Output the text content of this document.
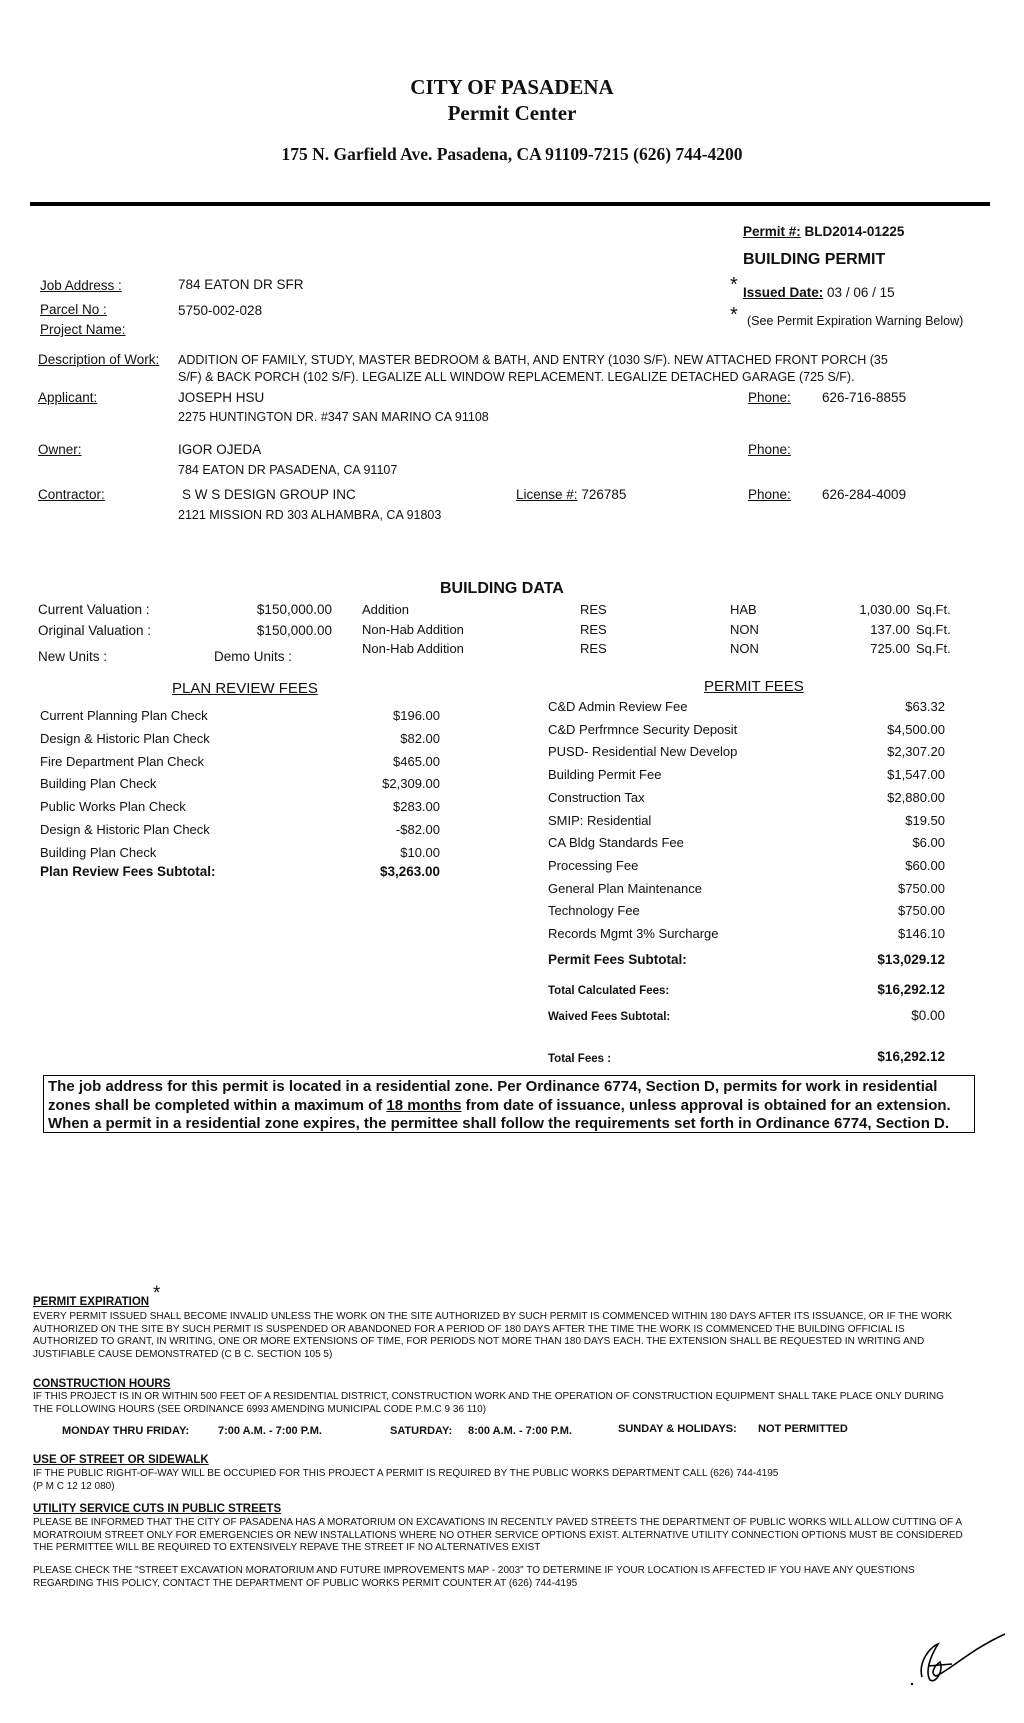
CITY OF PASADENA
Permit Center
175 N. Garfield Ave. Pasadena, CA 91109-7215 (626) 744-4200
Permit #: BLD2014-01225
BUILDING PERMIT
* Issued Date: 03 / 06 / 15
* (See Permit Expiration Warning Below)
Job Address :	784 EATON DR SFR
Parcel No :	5750-002-028
Project Name:
Description of Work: ADDITION OF FAMILY, STUDY, MASTER BEDROOM & BATH, AND ENTRY (1030 S/F). NEW ATTACHED FRONT PORCH (35
S/F) & BACK PORCH (102 S/F). LEGALIZE ALL WINDOW REPLACEMENT. LEGALIZE DETACHED GARAGE (725 S/F).
Applicant:	JOSEPH HSU
2275 HUNTINGTON DR. #347 SAN MARINO CA 91108
Phone: 626-716-8855
Owner:	IGOR OJEDA
784 EATON DR PASADENA, CA 91107
Phone:
Contractor:	S W S DESIGN GROUP INC
2121 MISSION RD 303 ALHAMBRA, CA 91803
License #: 726785	Phone: 626-284-4009
BUILDING DATA
Current Valuation :	$150,000.00
Original Valuation :	$150,000.00
New Units :	Demo Units :
Addition	RES	HAB	1,030.00 Sq.Ft.
Non-Hab Addition	RES	NON	137.00 Sq.Ft.
Non-Hab Addition	RES	NON	725.00 Sq.Ft.
PLAN REVIEW FEES
Current Planning Plan Check	$196.00
Design & Historic Plan Check	$82.00
Fire Department Plan Check	$465.00
Building Plan Check	$2,309.00
Public Works Plan Check	$283.00
Design & Historic Plan Check	-$82.00
Building Plan Check	$10.00
Plan Review Fees Subtotal:	$3,263.00
PERMIT FEES
C&D Admin Review Fee	$63.32
C&D Perfrmnce Security Deposit	$4,500.00
PUSD- Residential New Develop	$2,307.20
Building Permit Fee	$1,547.00
Construction Tax	$2,880.00
SMIP: Residential	$19.50
CA Bldg Standards Fee	$6.00
Processing Fee	$60.00
General Plan Maintenance	$750.00
Technology Fee	$750.00
Records Mgmt 3% Surcharge	$146.10
Permit Fees Subtotal:	$13,029.12
Total Calculated Fees:	$16,292.12
Waived Fees Subtotal:	$0.00
Total Fees :	$16,292.12
The job address for this permit is located in a residential zone. Per Ordinance 6774, Section D, permits for work in residential zones shall be completed within a maximum of 18 months from date of issuance, unless approval is obtained for an extension. When a permit in a residential zone expires, the permittee shall follow the requirements set forth in Ordinance 6774, Section D.
PERMIT EXPIRATION *
EVERY PERMIT ISSUED SHALL BECOME INVALID UNLESS THE WORK ON THE SITE AUTHORIZED BY SUCH PERMIT IS COMMENCED WITHIN 180 DAYS AFTER ITS ISSUANCE, OR IF THE WORK AUTHORIZED ON THE SITE BY SUCH PERMIT IS SUSPENDED OR ABANDONED FOR A PERIOD OF 180 DAYS AFTER THE TIME THE WORK IS COMMENCED THE BUILDING OFFICIAL IS AUTHORIZED TO GRANT, IN WRITING, ONE OR MORE EXTENSIONS OF TIME, FOR PERIODS NOT MORE THAN 180 DAYS EACH. THE EXTENSION SHALL BE REQUESTED IN WRITING AND JUSTIFIABLE CAUSE DEMONSTRATED (C B C. SECTION 105 5)
CONSTRUCTION HOURS
IF THIS PROJECT IS IN OR WITHIN 500 FEET OF A RESIDENTIAL DISTRICT, CONSTRUCTION WORK AND THE OPERATION OF CONSTRUCTION EQUIPMENT SHALL TAKE PLACE ONLY DURING THE FOLLOWING HOURS (SEE ORDINANCE 6993 AMENDING MUNICIPAL CODE P.M.C 9 36 110)
MONDAY THRU FRIDAY:	7:00 A.M. - 7:00 P.M.	SATURDAY: 8:00 A.M. - 7:00 P.M.	SUNDAY & HOLIDAYS: NOT PERMITTED
USE OF STREET OR SIDEWALK
IF THE PUBLIC RIGHT-OF-WAY WILL BE OCCUPIED FOR THIS PROJECT A PERMIT IS REQUIRED BY THE PUBLIC WORKS DEPARTMENT CALL (626) 744-4195
(P M C 12 12 080)
UTILITY SERVICE CUTS IN PUBLIC STREETS
PLEASE BE INFORMED THAT THE CITY OF PASADENA HAS A MORATORIUM ON EXCAVATIONS IN RECENTLY PAVED STREETS THE DEPARTMENT OF PUBLIC WORKS WILL ALLOW CUTTING OF A MORATROIUM STREET ONLY FOR EMERGENCIES OR NEW INSTALLATIONS WHERE NO OTHER SERVICE OPTIONS EXIST. ALTERNATIVE UTILITY CONNECTION OPTIONS MUST BE CONSIDERED THE PERMITTEE WILL BE REQUIRED TO EXTENSIVELY REPAVE THE STREET IF NO ALTERNATIVES EXIST
PLEASE CHECK THE "STREET EXCAVATION MORATORIUM AND FUTURE IMPROVEMENTS MAP - 2003" TO DETERMINE IF YOUR LOCATION IS AFFECTED IF YOU HAVE ANY QUESTIONS REGARDING THIS POLICY, CONTACT THE DEPARTMENT OF PUBLIC WORKS PERMIT COUNTER AT (626) 744-4195
